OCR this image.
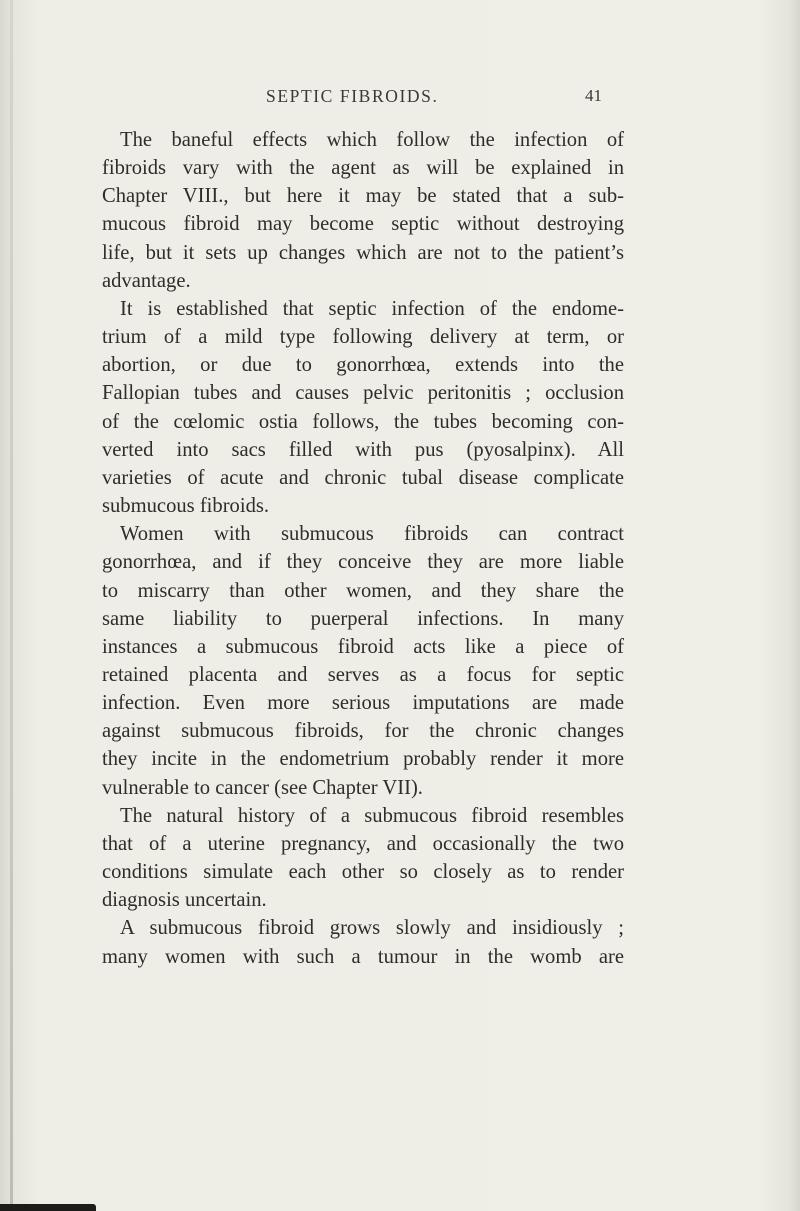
SEPTIC FIBROIDS.	41

The baneful effects which follow the infection of
fibroids vary with the agent as will be explained in
Chapter VIII., but here it may be stated that a sub-
mucous fibroid may become septic without destroying
life, but it sets up changes which are not to the patient’s
advantage.

It is established that septic infection of the endome-
trium of a mild type following delivery at term, or
abortion, or due to gonorrhœa, extends into the
Fallopian tubes and causes pelvic peritonitis ; occlusion
of the cœlomic ostia follows, the tubes becoming con-
verted into sacs filled with pus (pyosalpinx). All
varieties of acute and chronic tubal disease complicate
submucous fibroids.

Women with submucous fibroids can contract
gonorrhœa, and if they conceive they are more liable
to miscarry than other women, and they share the
same liability to puerperal infections. In many
instances a submucous fibroid acts like a piece of
retained placenta and serves as a focus for septic
infection. Even more serious imputations are made
against submucous fibroids, for the chronic changes
they incite in the endometrium probably render it more
vulnerable to cancer (see Chapter VII).

The natural history of a submucous fibroid resembles
that of a uterine pregnancy, and occasionally the two
conditions simulate each other so closely as to render
diagnosis uncertain.

A submucous fibroid grows slowly and insidiously ;
many women with such a tumour in the womb are
